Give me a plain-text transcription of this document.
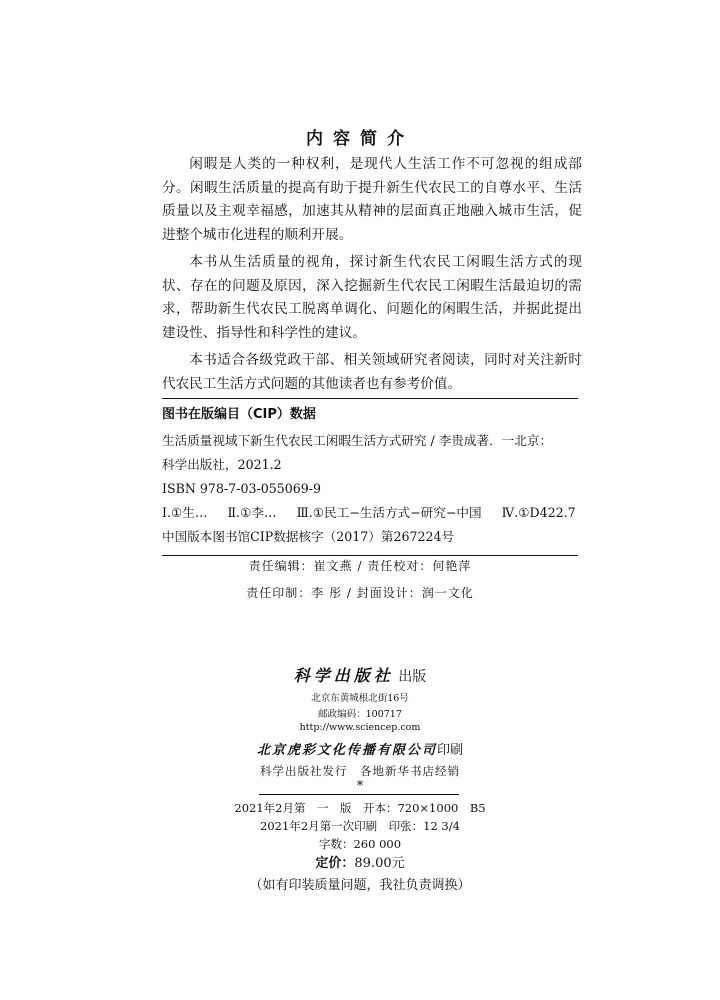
内容简介

闲暇是人类的一种权利，是现代人生活工作不可忽视的组成部分。闲暇生活质量的提高有助于提升新生代农民工的自尊水平、生活质量以及主观幸福感，加速其从精神的层面真正地融入城市生活，促进整个城市化进程的顺利开展。

本书从生活质量的视角，探讨新生代农民工闲暇生活方式的现状、存在的问题及原因，深入挖掘新生代农民工闲暇生活最迫切的需求，帮助新生代农民工脱离单调化、问题化的闲暇生活，并据此提出建设性、指导性和科学性的建议。

本书适合各级党政干部、相关领域研究者阅读，同时对关注新时代农民工生活方式问题的其他读者也有参考价值。

图书在版编目（CIP）数据
生活质量视域下新生代农民工闲暇生活方式研究 / 李贵成著．一北京：
科学出版社，2021.2
ISBN 978-7-03-055069-9
Ⅰ.①生… Ⅱ.①李… Ⅲ.①民工−生活方式−研究−中国 Ⅳ.①D422.7
中国版本图书馆CIP数据核字（2017）第267224号
责任编辑：崔文燕 / 责任校对：何艳萍
责任印制：李 彤 / 封面设计：润一文化
科学出版社 出版
北京东黄城根北街16号
邮政编码：100717
http://www.sciencep.com
北京虎彩文化传播有限公司印刷
科学出版社发行　各地新华书店经销
*
2021年2月第　一　版　开本：720×1000　B5
2021年2月第一次印刷　印张：12 3/4
字数：260 000
定价：89.00元
（如有印装质量问题，我社负责调换）
